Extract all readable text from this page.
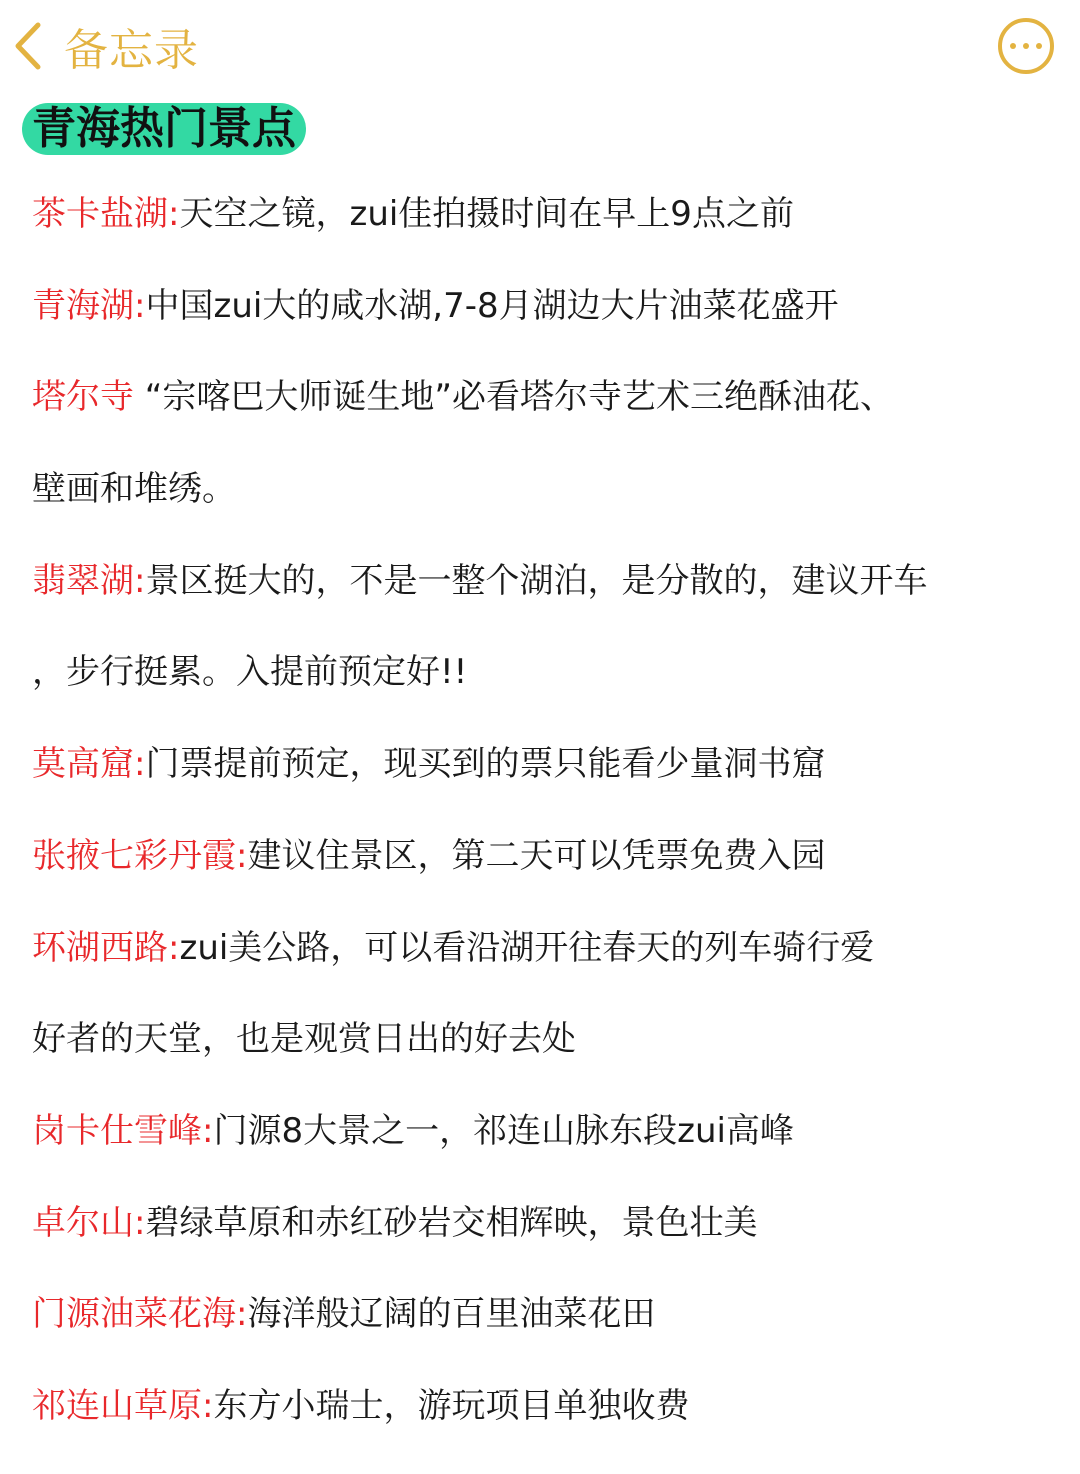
备忘录
青海热门景点
茶卡盐湖:天空之镜，zui佳拍摄时间在早上9点之前
青海湖:中国zui大的咸水湖,7-8月湖边大片油菜花盛开
塔尔寺 “宗喀巴大师诞生地”必看塔尔寺艺术三绝酥油花、
壁画和堆绣。
翡翠湖:景区挺大的，不是一整个湖泊，是分散的，建议开车
，步行挺累。入提前预定好!!
莫高窟:门票提前预定，现买到的票只能看少量洞书窟
张掖七彩丹霞:建议住景区，第二天可以凭票免费入园
环湖西路:zui美公路，可以看沿湖开往春天的列车骑行爱
好者的天堂，也是观赏日出的好去处
岗卡仕雪峰:门源8大景之一，祁连山脉东段zui高峰
卓尔山:碧绿草原和赤红砂岩交相辉映，景色壮美
门源油菜花海:海洋般辽阔的百里油菜花田
祁连山草原:东方小瑞士，游玩项目单独收费
